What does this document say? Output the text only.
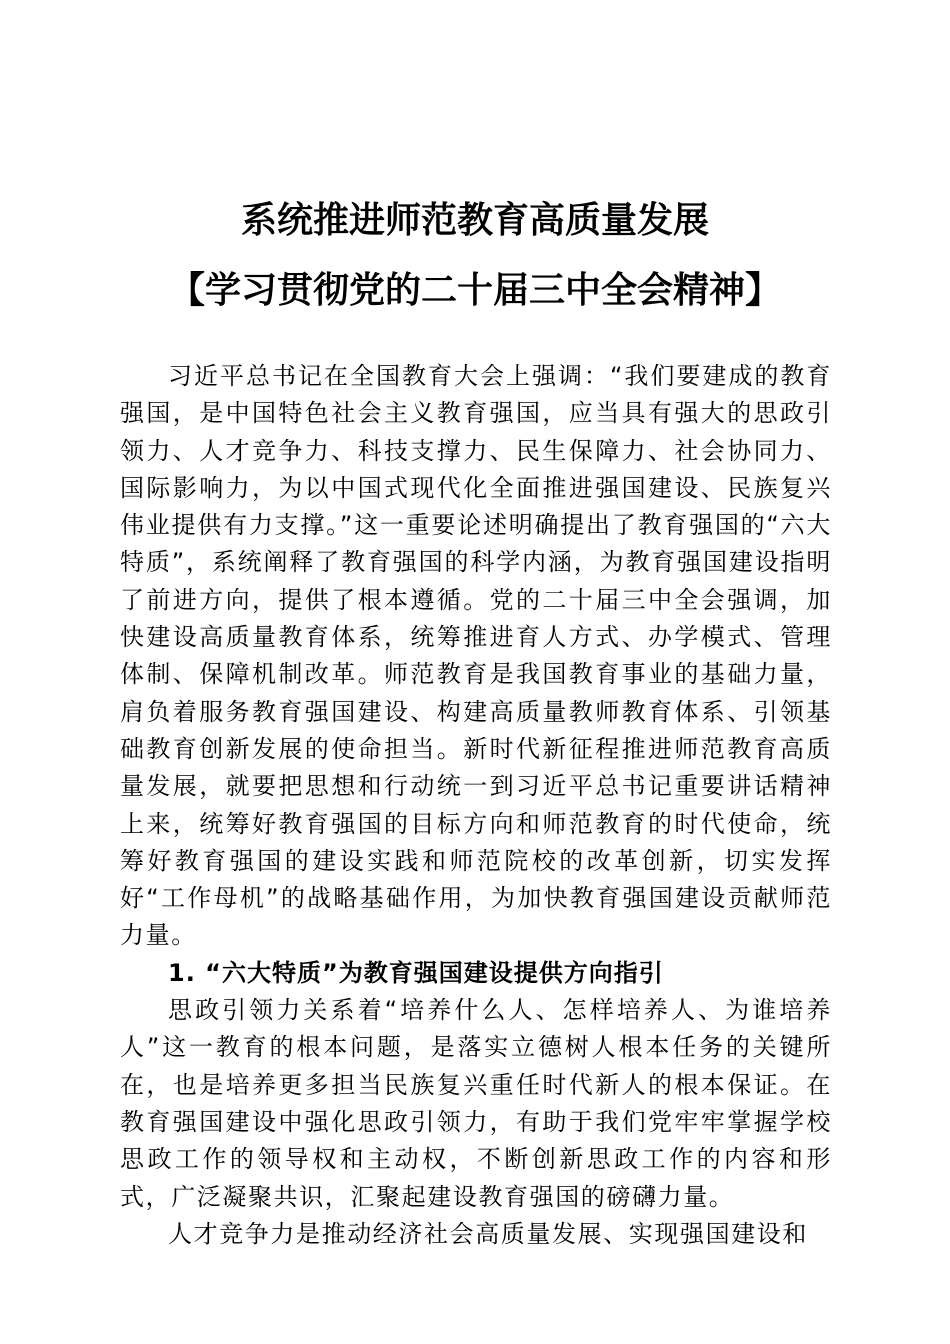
系统推进师范教育高质量发展
【学习贯彻党的二十届三中全会精神】

习近平总书记在全国教育大会上强调：“我们要建成的教育强国，是中国特色社会主义教育强国，应当具有强大的思政引领力、人才竞争力、科技支撑力、民生保障力、社会协同力、国际影响力，为以中国式现代化全面推进强国建设、民族复兴伟业提供有力支撑。”这一重要论述明确提出了教育强国的“六大特质”，系统阐释了教育强国的科学内涵，为教育强国建设指明了前进方向，提供了根本遵循。党的二十届三中全会强调，加快建设高质量教育体系，统筹推进育人方式、办学模式、管理体制、保障机制改革。师范教育是我国教育事业的基础力量，肩负着服务教育强国建设、构建高质量教师教育体系、引领基础教育创新发展的使命担当。新时代新征程推进师范教育高质量发展，就要把思想和行动统一到习近平总书记重要讲话精神上来，统筹好教育强国的目标方向和师范教育的时代使命，统筹好教育强国的建设实践和师范院校的改革创新，切实发挥好“工作母机”的战略基础作用，为加快教育强国建设贡献师范力量。

1. “六大特质”为教育强国建设提供方向指引

思政引领力关系着“培养什么人、怎样培养人、为谁培养人”这一教育的根本问题，是落实立德树人根本任务的关键所在，也是培养更多担当民族复兴重任时代新人的根本保证。在教育强国建设中强化思政引领力，有助于我们党牢牢掌握学校思政工作的领导权和主动权，不断创新思政工作的内容和形式，广泛凝聚共识，汇聚起建设教育强国的磅礴力量。

人才竞争力是推动经济社会高质量发展、实现强国建设和
